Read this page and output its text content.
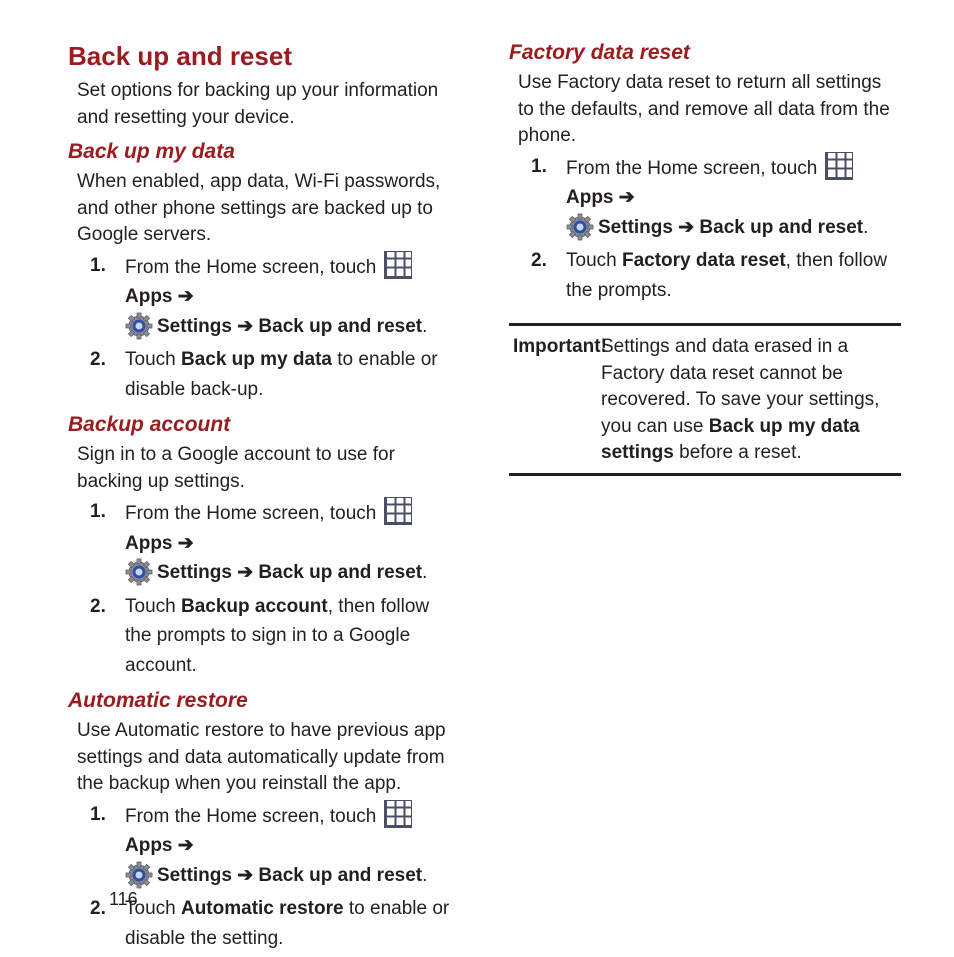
Back up and reset

Set options for backing up your information and resetting your device.

Back up my data

When enabled, app data, Wi-Fi passwords, and other phone settings are backed up to Google servers.

1. From the Home screen, touch  Apps ➔
Settings ➔ Back up and reset.
2. Touch Back up my data to enable or disable back-up.
Backup account

Sign in to a Google account to use for backing up settings.

1. From the Home screen, touch  Apps ➔
Settings ➔ Back up and reset.
2. Touch Backup account, then follow the prompts to sign in to a Google account.
Automatic restore

Use Automatic restore to have previous app settings and data automatically update from the backup when you reinstall the app.

1. From the Home screen, touch  Apps ➔
Settings ➔ Back up and reset.
2. Touch Automatic restore to enable or disable the setting.
Factory data reset

Use Factory data reset to return all settings to the defaults, and remove all data from the phone.

1. From the Home screen, touch  Apps ➔
Settings ➔ Back up and reset.
2. Touch Factory data reset, then follow the prompts.
Important!

Settings and data erased in a Factory data reset cannot be recovered. To save your settings, you can use Back up my data settings before a reset.

116
